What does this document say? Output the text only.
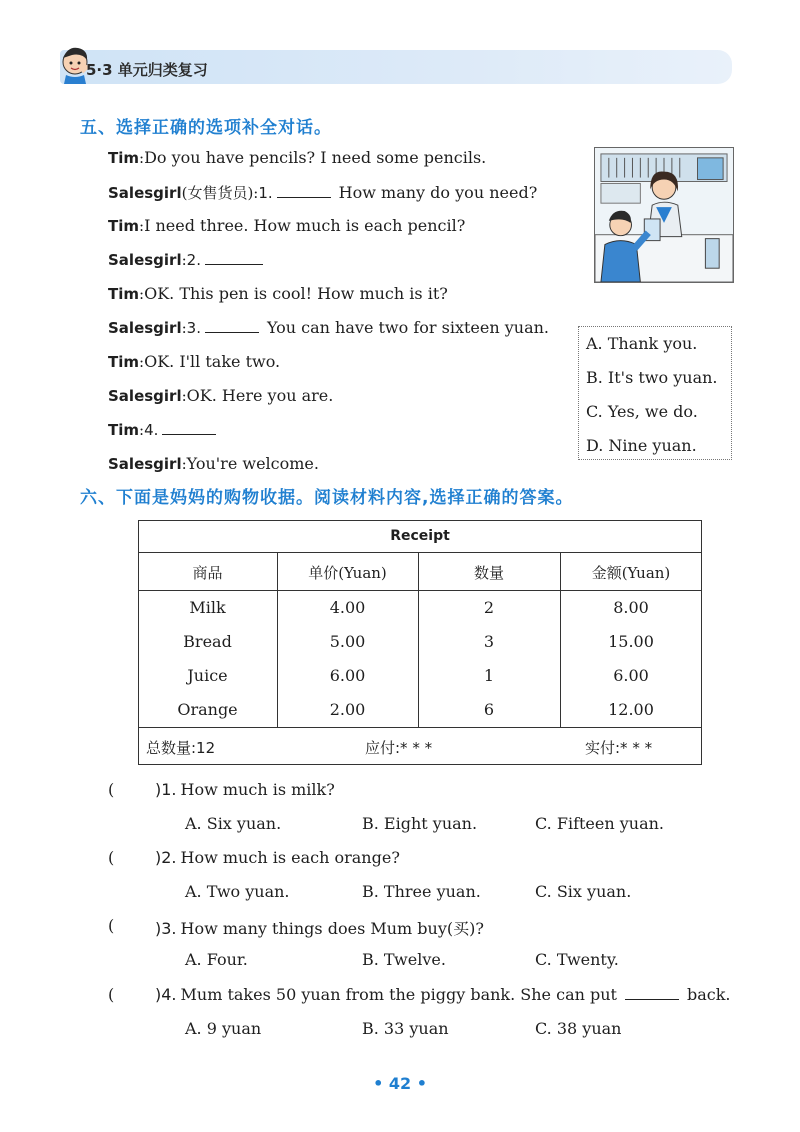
5·3 单元归类复习
五、选择正确的选项补全对话。
Tim:Do you have pencils? I need some pencils.
Salesgirl(女售货员):1.	How many do you need?
Tim:I need three. How much is each pencil?
Salesgirl:2.
Tim:OK. This pen is cool! How much is it?
Salesgirl:3.	You can have two for sixteen yuan.
Tim:OK. I'll take two.
Salesgirl:OK. Here you are.
Tim:4.
Salesgirl:You're welcome.
A. Thank you.
B. It's two yuan.
C. Yes, we do.
D. Nine yuan.
六、下面是妈妈的购物收据。阅读材料内容,选择正确的答案。
Receipt
商品	单价(Yuan)	数量	金额(Yuan)
Milk	4.00	2	8.00
Bread	5.00	3	15.00
Juice	6.00	1	6.00
Orange	2.00	6	12.00
总数量:12	应付:* * *	实付:* * *
(	)1. How much is milk?
A. Six yuan.	B. Eight yuan.	C. Fifteen yuan.
(	)2. How much is each orange?
A. Two yuan.	B. Three yuan.	C. Six yuan.
(	)3. How many things does Mum buy(买)?
A. Four.	B. Twelve.	C. Twenty.
(	)4. Mum takes 50 yuan from the piggy bank. She can put	back.
A. 9 yuan	B. 33 yuan	C. 38 yuan
• 42 •
